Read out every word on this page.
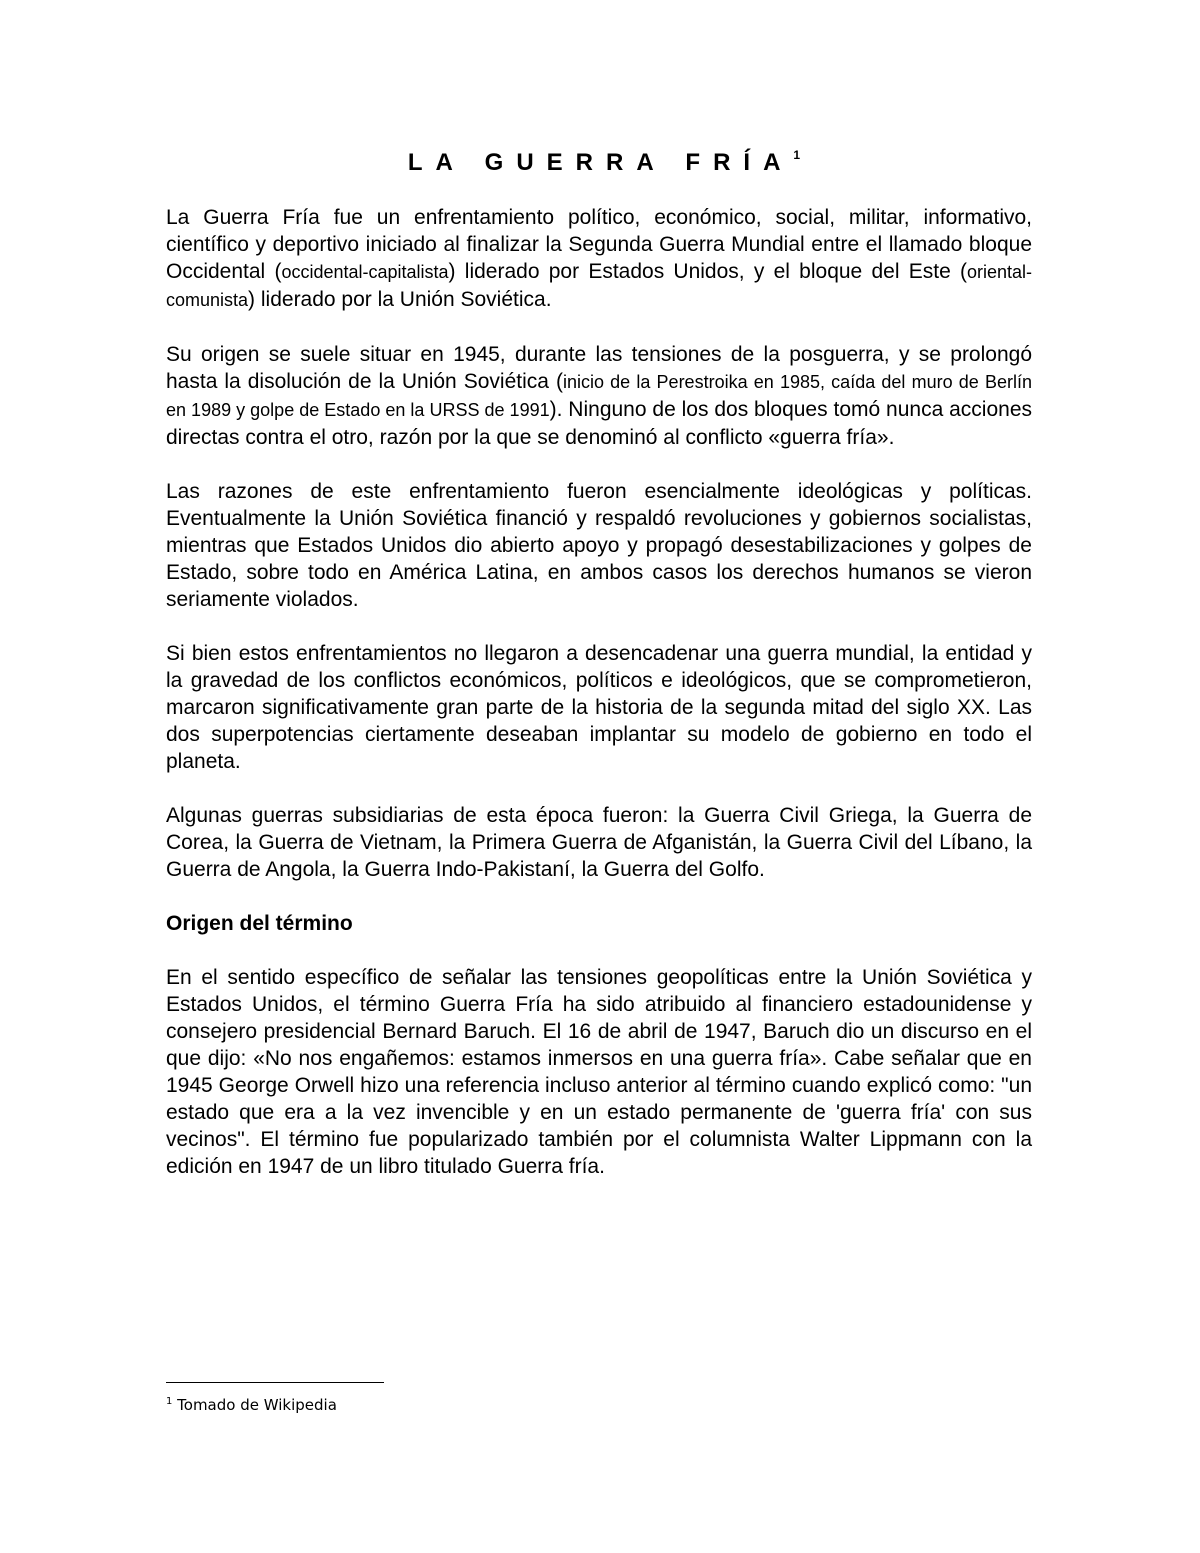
LA GUERRA FRÍA$^1$

La Guerra Fría fue un enfrentamiento político, económico, social, militar, informativo, científico y deportivo iniciado al finalizar la Segunda Guerra Mundial entre el llamado bloque Occidental (occidental-capitalista) liderado por Estados Unidos, y el bloque del Este (oriental-comunista) liderado por la Unión Soviética.

Su origen se suele situar en 1945, durante las tensiones de la posguerra, y se prolongó hasta la disolución de la Unión Soviética (inicio de la Perestroika en 1985, caída del muro de Berlín en 1989 y golpe de Estado en la URSS de 1991). Ninguno de los dos bloques tomó nunca acciones directas contra el otro, razón por la que se denominó al conflicto «guerra fría».

Las razones de este enfrentamiento fueron esencialmente ideológicas y políticas. Eventualmente la Unión Soviética financió y respaldó revoluciones y gobiernos socialistas, mientras que Estados Unidos dio abierto apoyo y propagó desestabilizaciones y golpes de Estado, sobre todo en América Latina, en ambos casos los derechos humanos se vieron seriamente violados.

Si bien estos enfrentamientos no llegaron a desencadenar una guerra mundial, la entidad y la gravedad de los conflictos económicos, políticos e ideológicos, que se comprometieron, marcaron significativamente gran parte de la historia de la segunda mitad del siglo XX. Las dos superpotencias ciertamente deseaban implantar su modelo de gobierno en todo el planeta.

Algunas guerras subsidiarias de esta época fueron: la Guerra Civil Griega, la Guerra de Corea, la Guerra de Vietnam, la Primera Guerra de Afganistán, la Guerra Civil del Líbano, la Guerra de Angola, la Guerra Indo-Pakistaní, la Guerra del Golfo.

Origen del término

En el sentido específico de señalar las tensiones geopolíticas entre la Unión Soviética y Estados Unidos, el término Guerra Fría ha sido atribuido al financiero estadounidense y consejero presidencial Bernard Baruch. El 16 de abril de 1947, Baruch dio un discurso en el que dijo: «No nos engañemos: estamos inmersos en una guerra fría». Cabe señalar que en 1945 George Orwell hizo una referencia incluso anterior al término cuando explicó como: "un estado que era a la vez invencible y en un estado permanente de 'guerra fría' con sus vecinos". El término fue popularizado también por el columnista Walter Lippmann con la edición en 1947 de un libro titulado Guerra fría.

$^1$ Tomado de Wikipedia
